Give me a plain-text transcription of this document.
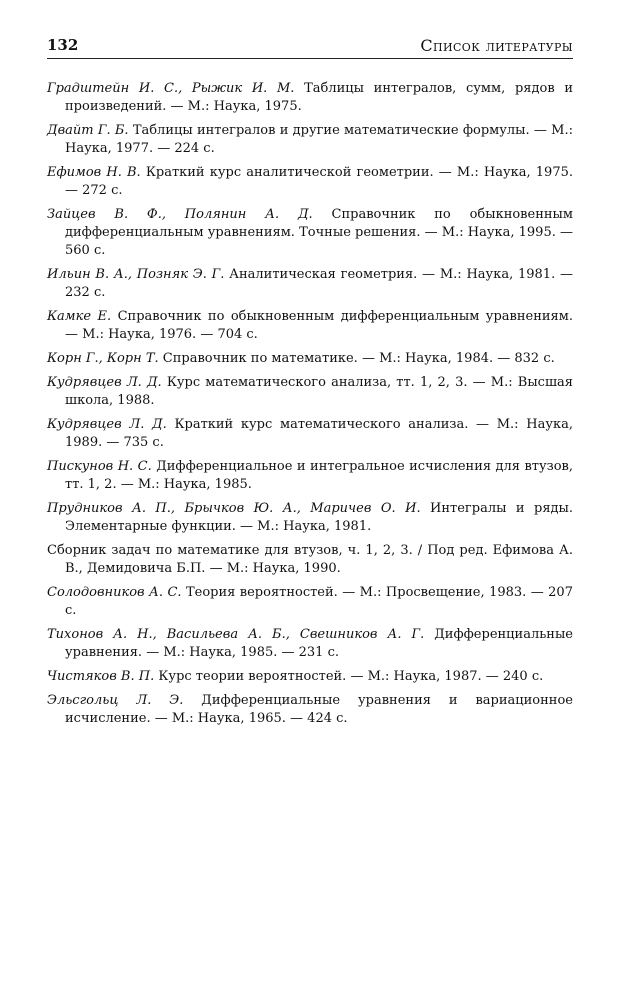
132	Список литературы
Градштейн И. С., Рыжик И. М. Таблицы интегралов, сумм, рядов и произведений. — М.: Наука, 1975.
Двайт Г. Б. Таблицы интегралов и другие математические формулы. — М.: Наука, 1977. — 224 с.
Ефимов Н. В. Краткий курс аналитической геометрии. — М.: Наука, 1975. — 272 с.
Зайцев В. Ф., Полянин А. Д. Справочник по обыкновенным дифференциальным уравнениям. Точные решения. — М.: Наука, 1995. — 560 с.
Ильин В. А., Позняк Э. Г. Аналитическая геометрия. — М.: Наука, 1981. — 232 с.
Камке Е. Справочник по обыкновенным дифференциальным уравнениям. — М.: Наука, 1976. — 704 с.
Корн Г., Корн Т. Справочник по математике. — М.: Наука, 1984. — 832 с.
Кудрявцев Л. Д. Курс математического анализа, тт. 1, 2, 3. — М.: Высшая школа, 1988.
Кудрявцев Л. Д. Краткий курс математического анализа. — М.: Наука, 1989. — 735 с.
Пискунов Н. С. Дифференциальное и интегральное исчисления для втузов, тт. 1, 2. — М.: Наука, 1985.
Прудников А. П., Брычков Ю. А., Маричев О. И. Интегралы и ряды. Элементарные функции. — М.: Наука, 1981.
Сборник задач по математике для втузов, ч. 1, 2, 3. / Под ред. Ефимова А. В., Демидовича Б.П. — М.: Наука, 1990.
Солодовников А. С. Теория вероятностей. — М.: Просвещение, 1983. — 207 с.
Тихонов А. Н., Васильева А. Б., Свешников А. Г. Дифференциальные уравнения. — М.: Наука, 1985. — 231 с.
Чистяков В. П. Курс теории вероятностей. — М.: Наука, 1987. — 240 с.
Эльсгольц Л. Э. Дифференциальные уравнения и вариационное исчисление. — М.: Наука, 1965. — 424 с.
